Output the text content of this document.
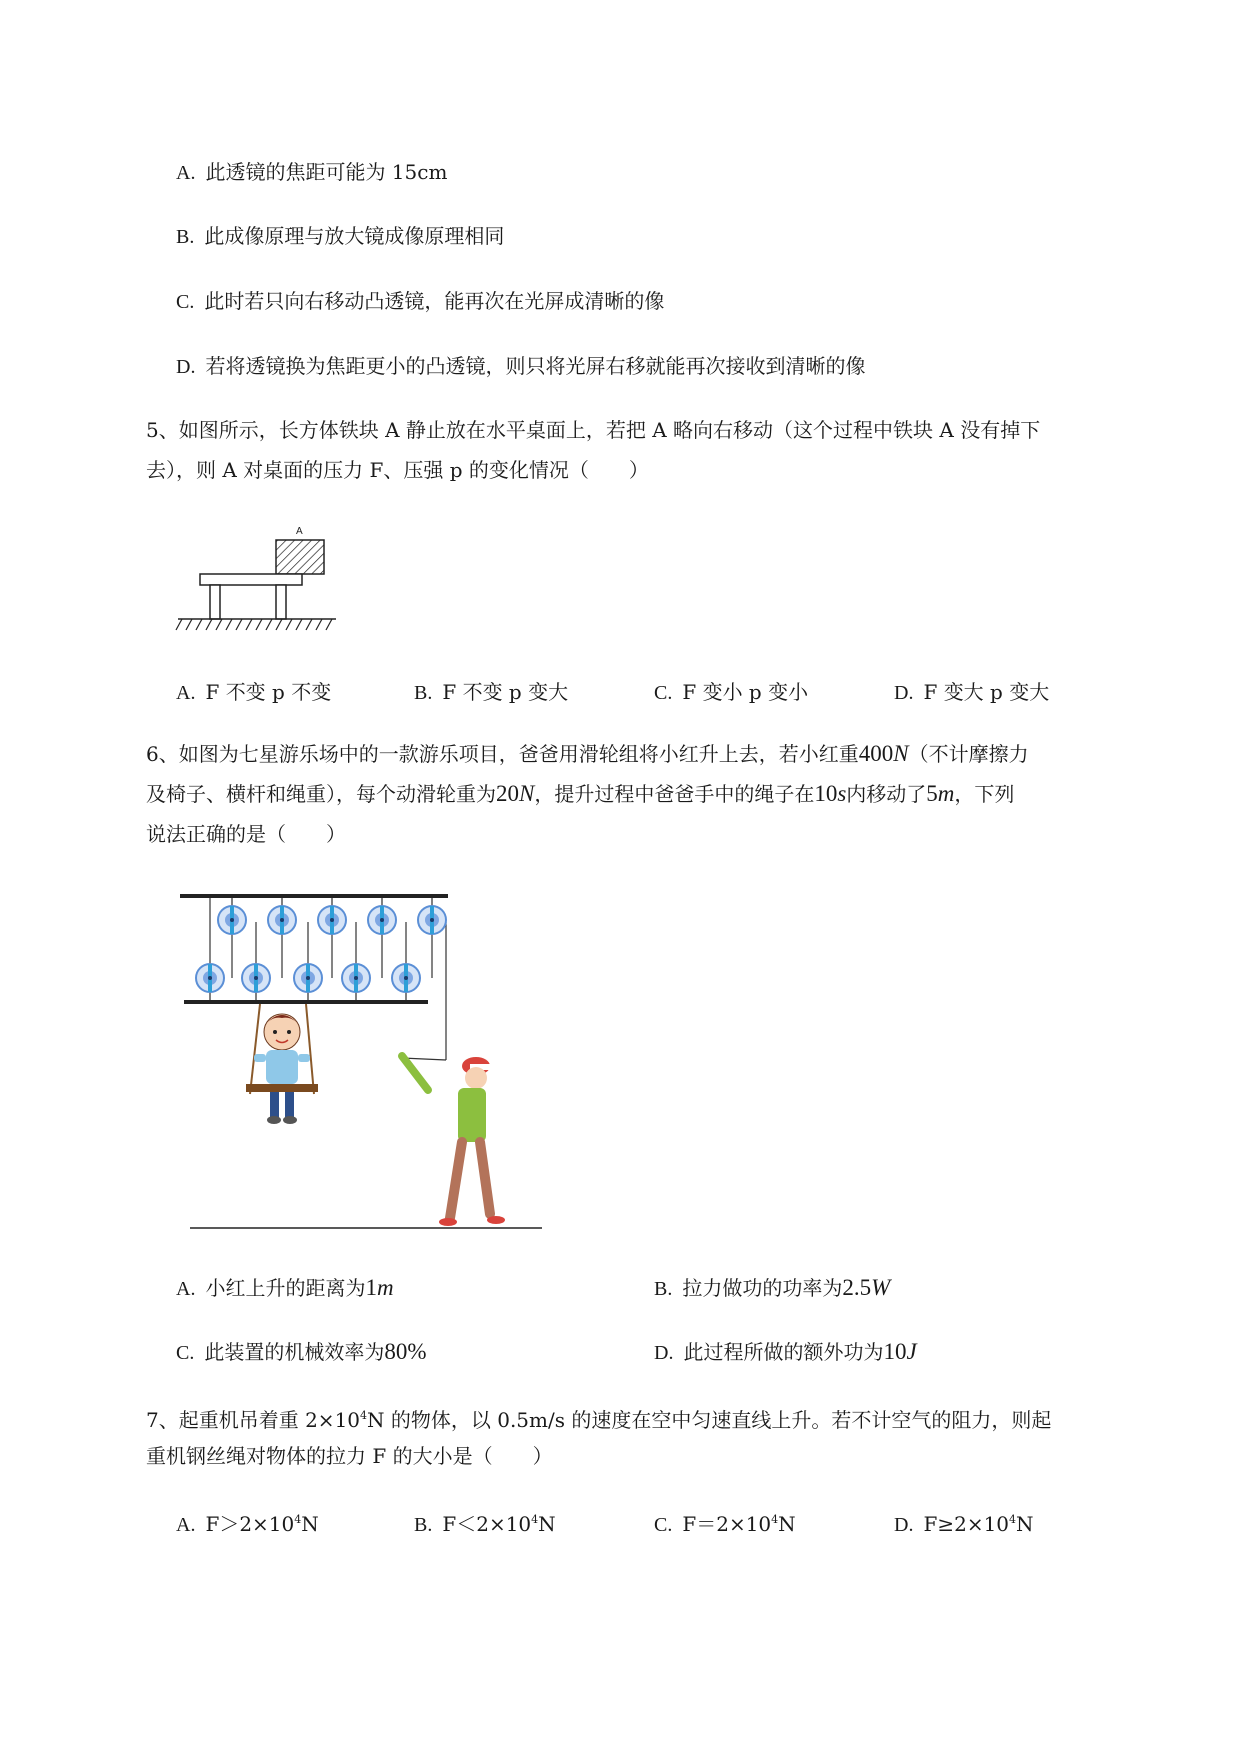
A. 此透镜的焦距可能为 15cm
B. 此成像原理与放大镜成像原理相同
C. 此时若只向右移动凸透镜，能再次在光屏成清晰的像
D. 若将透镜换为焦距更小的凸透镜，则只将光屏右移就能再次接收到清晰的像
5、如图所示，长方体铁块 A 静止放在水平桌面上，若把 A 略向右移动（这个过程中铁块 A 没有掉下
去），则 A 对桌面的压力 F、压强 p 的变化情况（　　）
A
A. F 不变 p 不变	B. F 不变 p 变大	C. F 变小 p 变小	D. F 变大 p 变大
6、如图为七星游乐场中的一款游乐项目，爸爸用滑轮组将小红升上去，若小红重400N（不计摩擦力
及椅子、横杆和绳重），每个动滑轮重为20N，提升过程中爸爸手中的绳子在10s内移动了5m，下列
说法正确的是（　　）
A. 小红上升的距离为1m	B. 拉力做功的功率为2.5W
C. 此装置的机械效率为80%	D. 此过程所做的额外功为10J
7、起重机吊着重 $2\times 10^4N$ 的物体，以 0.5m/s 的速度在空中匀速直线上升。若不计空气的阻力，则起
重机钢丝绳对物体的拉力 F 的大小是（　　）
A. $F>2\times 10^4N$	B. $F<2\times 10^4N$	C. $F=2\times 10^4N$	D. $F\ge 2\times 10^4N$
